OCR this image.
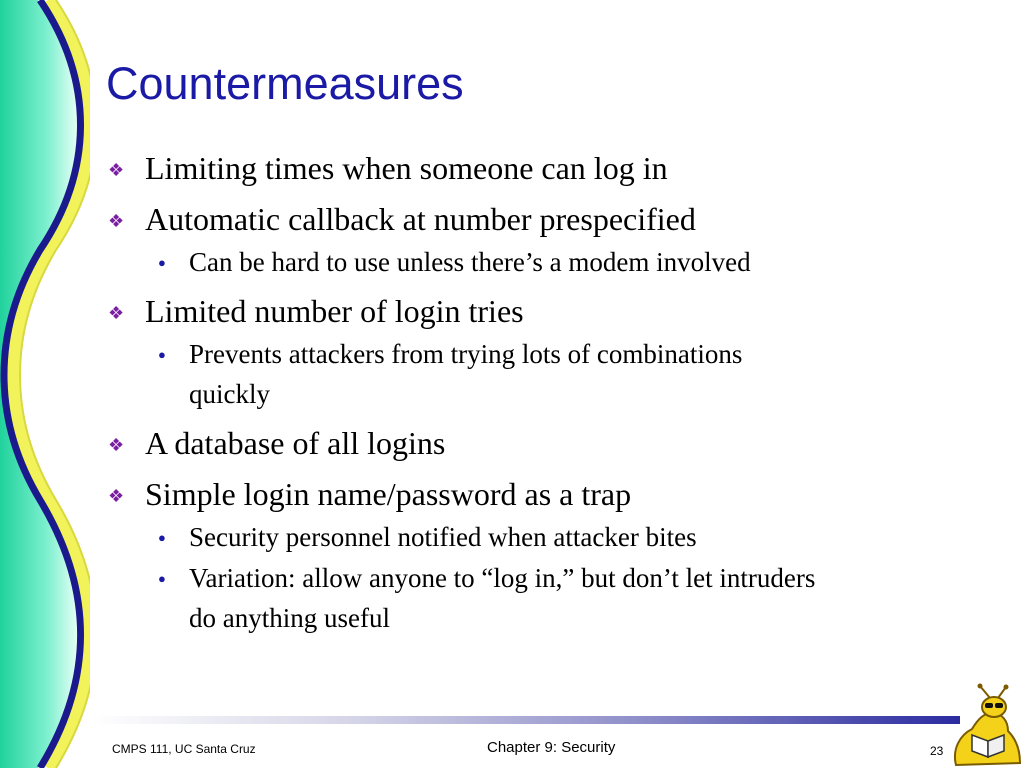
Countermeasures
❖ Limiting times when someone can log in
❖ Automatic callback at number prespecified
● Can be hard to use unless there’s a modem involved
❖ Limited number of login tries
● Prevents attackers from trying lots of combinations
quickly
❖ A database of all logins
❖ Simple login name/password as a trap
● Security personnel notified when attacker bites
● Variation: allow anyone to “log in,” but don’t let intruders
do anything useful
CMPS 111, UC Santa Cruz	Chapter 9: Security	23
